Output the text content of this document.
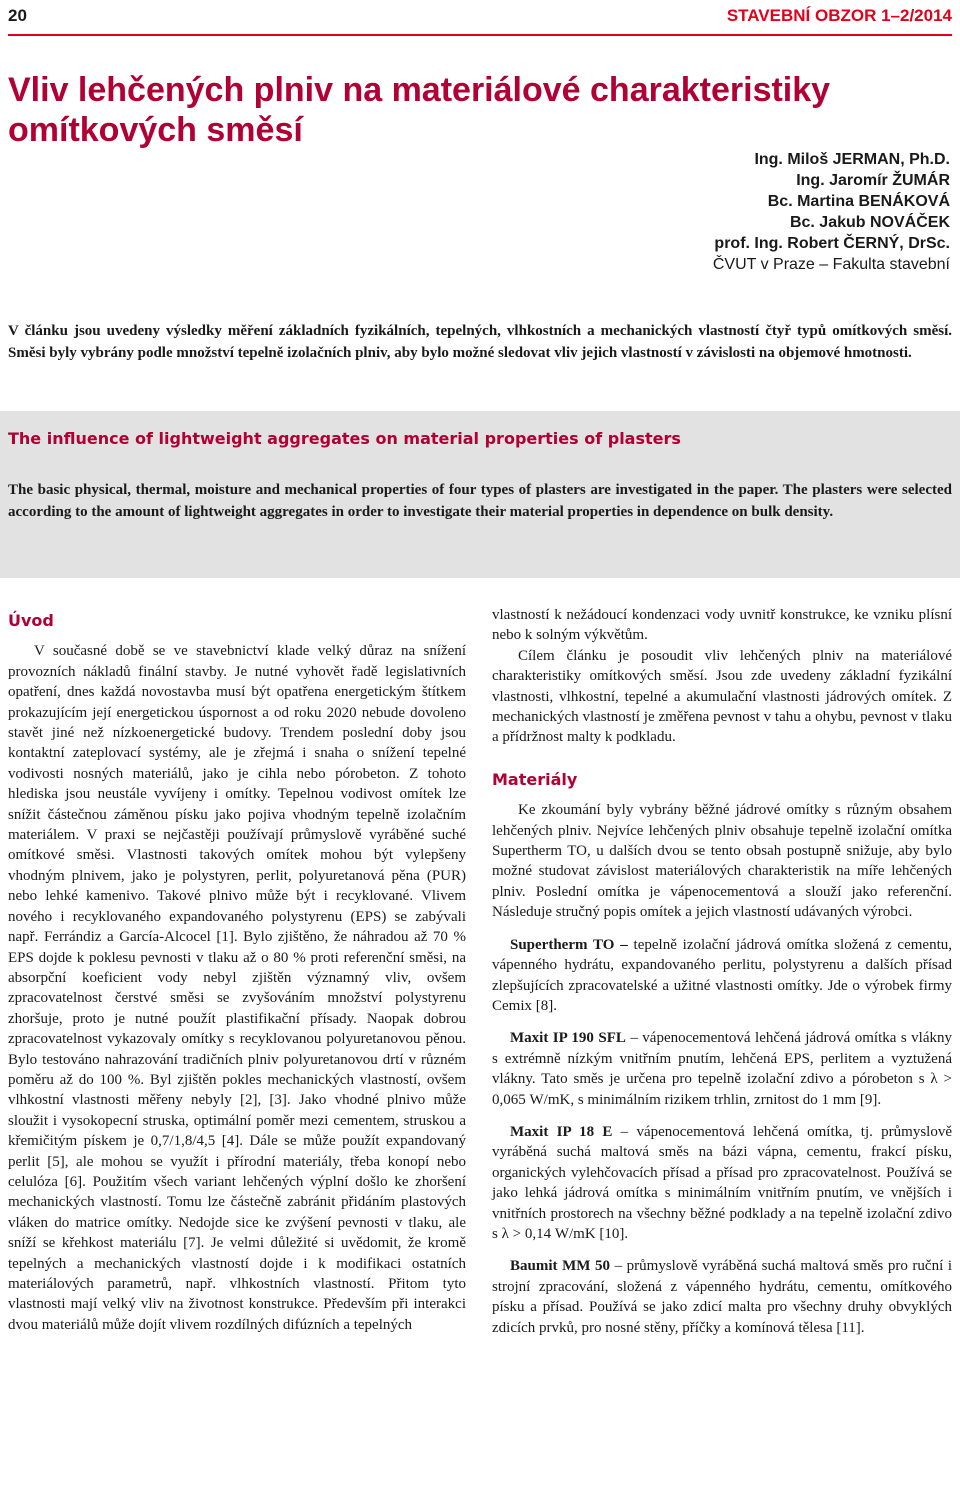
20	STAVEBNÍ OBZOR 1–2/2014
Vliv lehčených plniv na materiálové charakteristiky omítkových směsí
Ing. Miloš JERMAN, Ph.D.
Ing. Jaromír ŽUMÁR
Bc. Martina BENÁKOVÁ
Bc. Jakub NOVÁČEK
prof. Ing. Robert ČERNÝ, DrSc.
ČVUT v Praze – Fakulta stavební

V článku jsou uvedeny výsledky měření základních fyzikálních, tepelných, vlhkostních a mechanických vlastností čtyř typů omítkových směsí. Směsi byly vybrány podle množství tepelně izolačních plniv, aby bylo možné sledovat vliv jejich vlastností v závislosti na objemové hmotnosti.

The influence of lightweight aggregates on material properties of plasters

The basic physical, thermal, moisture and mechanical properties of four types of plasters are investigated in the paper. The plasters were selected according to the amount of lightweight aggregates in order to investigate their material properties in dependence on bulk density.

Úvod

V současné době se ve stavebnictví klade velký důraz na snížení provozních nákladů finální stavby. Je nutné vyhovět řadě legislativních opatření, dnes každá novostavba musí být opatřena energetickým štítkem prokazujícím její energetickou úspornost a od roku 2020 nebude dovoleno stavět jiné než nízkoenergetické budovy. Trendem poslední doby jsou kontaktní zateplovací systémy, ale je zřejmá i snaha o snížení tepelné vodivosti nosných materiálů, jako je cihla nebo pórobeton. Z tohoto hlediska jsou neustále vyvíjeny i omítky. Tepelnou vodivost omítek lze snížit částečnou záměnou písku jako pojiva vhodným tepelně izolačním materiálem. V praxi se nejčastěji používají průmyslově vyráběné suché omítkové směsi. Vlastnosti takových omítek mohou být vylepšeny vhodným plnivem, jako je polystyren, perlit, polyuretanová pěna (PUR) nebo lehké kamenivo. Takové plnivo může být i recyklované. Vlivem nového i recyklovaného expandovaného polystyrenu (EPS) se zabývali např. Ferrándiz a García-Alcocel [1]. Bylo zjištěno, že náhradou až 70 % EPS dojde k poklesu pevnosti v tlaku až o 80 % proti referenční směsi, na absorpční koeficient vody nebyl zjištěn významný vliv, ovšem zpracovatelnost čerstvé směsi se zvyšováním množství polystyrenu zhoršuje, proto je nutné použít plastifikační přísady. Naopak dobrou zpracovatelnost vykazovaly omítky s recyklovanou polyuretanovou pěnou. Bylo testováno nahrazování tradičních plniv polyuretanovou drtí v různém poměru až do 100 %. Byl zjištěn pokles mechanických vlastností, ovšem vlhkostní vlastnosti měřeny nebyly [2], [3]. Jako vhodné plnivo může sloužit i vysokopecní struska, optimální poměr mezi cementem, struskou a křemičitým pískem je 0,7/1,8/4,5 [4]. Dále se může použít expandovaný perlit [5], ale mohou se využít i přírodní materiály, třeba konopí nebo celulóza [6]. Použitím všech variant lehčených výplní došlo ke zhoršení mechanických vlastností. Tomu lze částečně zabránit přidáním plastových vláken do matrice omítky. Nedojde sice ke zvýšení pevnosti v tlaku, ale sníží se křehkost materiálu [7]. Je velmi důležité si uvědomit, že kromě tepelných a mechanických vlastností dojde i k modifikaci ostatních materiálových parametrů, např. vlhkostních vlastností. Přitom tyto vlastnosti mají velký vliv na životnost konstrukce. Především při interakci dvou materiálů může dojít vlivem rozdílných difúzních a tepelných

vlastností k nežádoucí kondenzaci vody uvnitř konstrukce, ke vzniku plísní nebo k solným výkvětům.

Cílem článku je posoudit vliv lehčených plniv na materiálové charakteristiky omítkových směsí. Jsou zde uvedeny základní fyzikální vlastnosti, vlhkostní, tepelné a akumulační vlastnosti jádrových omítek. Z mechanických vlastností je změřena pevnost v tahu a ohybu, pevnost v tlaku a přídržnost malty k podkladu.

Materiály

Ke zkoumání byly vybrány běžné jádrové omítky s různým obsahem lehčených plniv. Nejvíce lehčených plniv obsahuje tepelně izolační omítka Supertherm TO, u dalších dvou se tento obsah postupně snižuje, aby bylo možné studovat závislost materiálových charakteristik na míře lehčených plniv. Poslední omítka je vápenocementová a slouží jako referenční. Následuje stručný popis omítek a jejich vlastností udávaných výrobci.

Supertherm TO – tepelně izolační jádrová omítka složená z cementu, vápenného hydrátu, expandovaného perlitu, polystyrenu a dalších přísad zlepšujících zpracovatelské a užitné vlastnosti omítky. Jde o výrobek firmy Cemix [8].

Maxit IP 190 SFL – vápenocementová lehčená jádrová omítka s vlákny s extrémně nízkým vnitřním pnutím, lehčená EPS, perlitem a vyztužená vlákny. Tato směs je určena pro tepelně izolační zdivo a pórobeton s λ > 0,065 W/mK, s minimálním rizikem trhlin, zrnitost do 1 mm [9].

Maxit IP 18 E – vápenocementová lehčená omítka, tj. průmyslově vyráběná suchá maltová směs na bázi vápna, cementu, frakcí písku, organických vylehčovacích přísad a přísad pro zpracovatelnost. Používá se jako lehká jádrová omítka s minimálním vnitřním pnutím, ve vnějších i vnitřních prostorech na všechny běžné podklady a na tepelně izolační zdivo s λ > 0,14 W/mK [10].

Baumit MM 50 – průmyslově vyráběná suchá maltová směs pro ruční i strojní zpracování, složená z vápenného hydrátu, cementu, omítkového písku a přísad. Používá se jako zdicí malta pro všechny druhy obvyklých zdicích prvků, pro nosné stěny, příčky a komínová tělesa [11].
